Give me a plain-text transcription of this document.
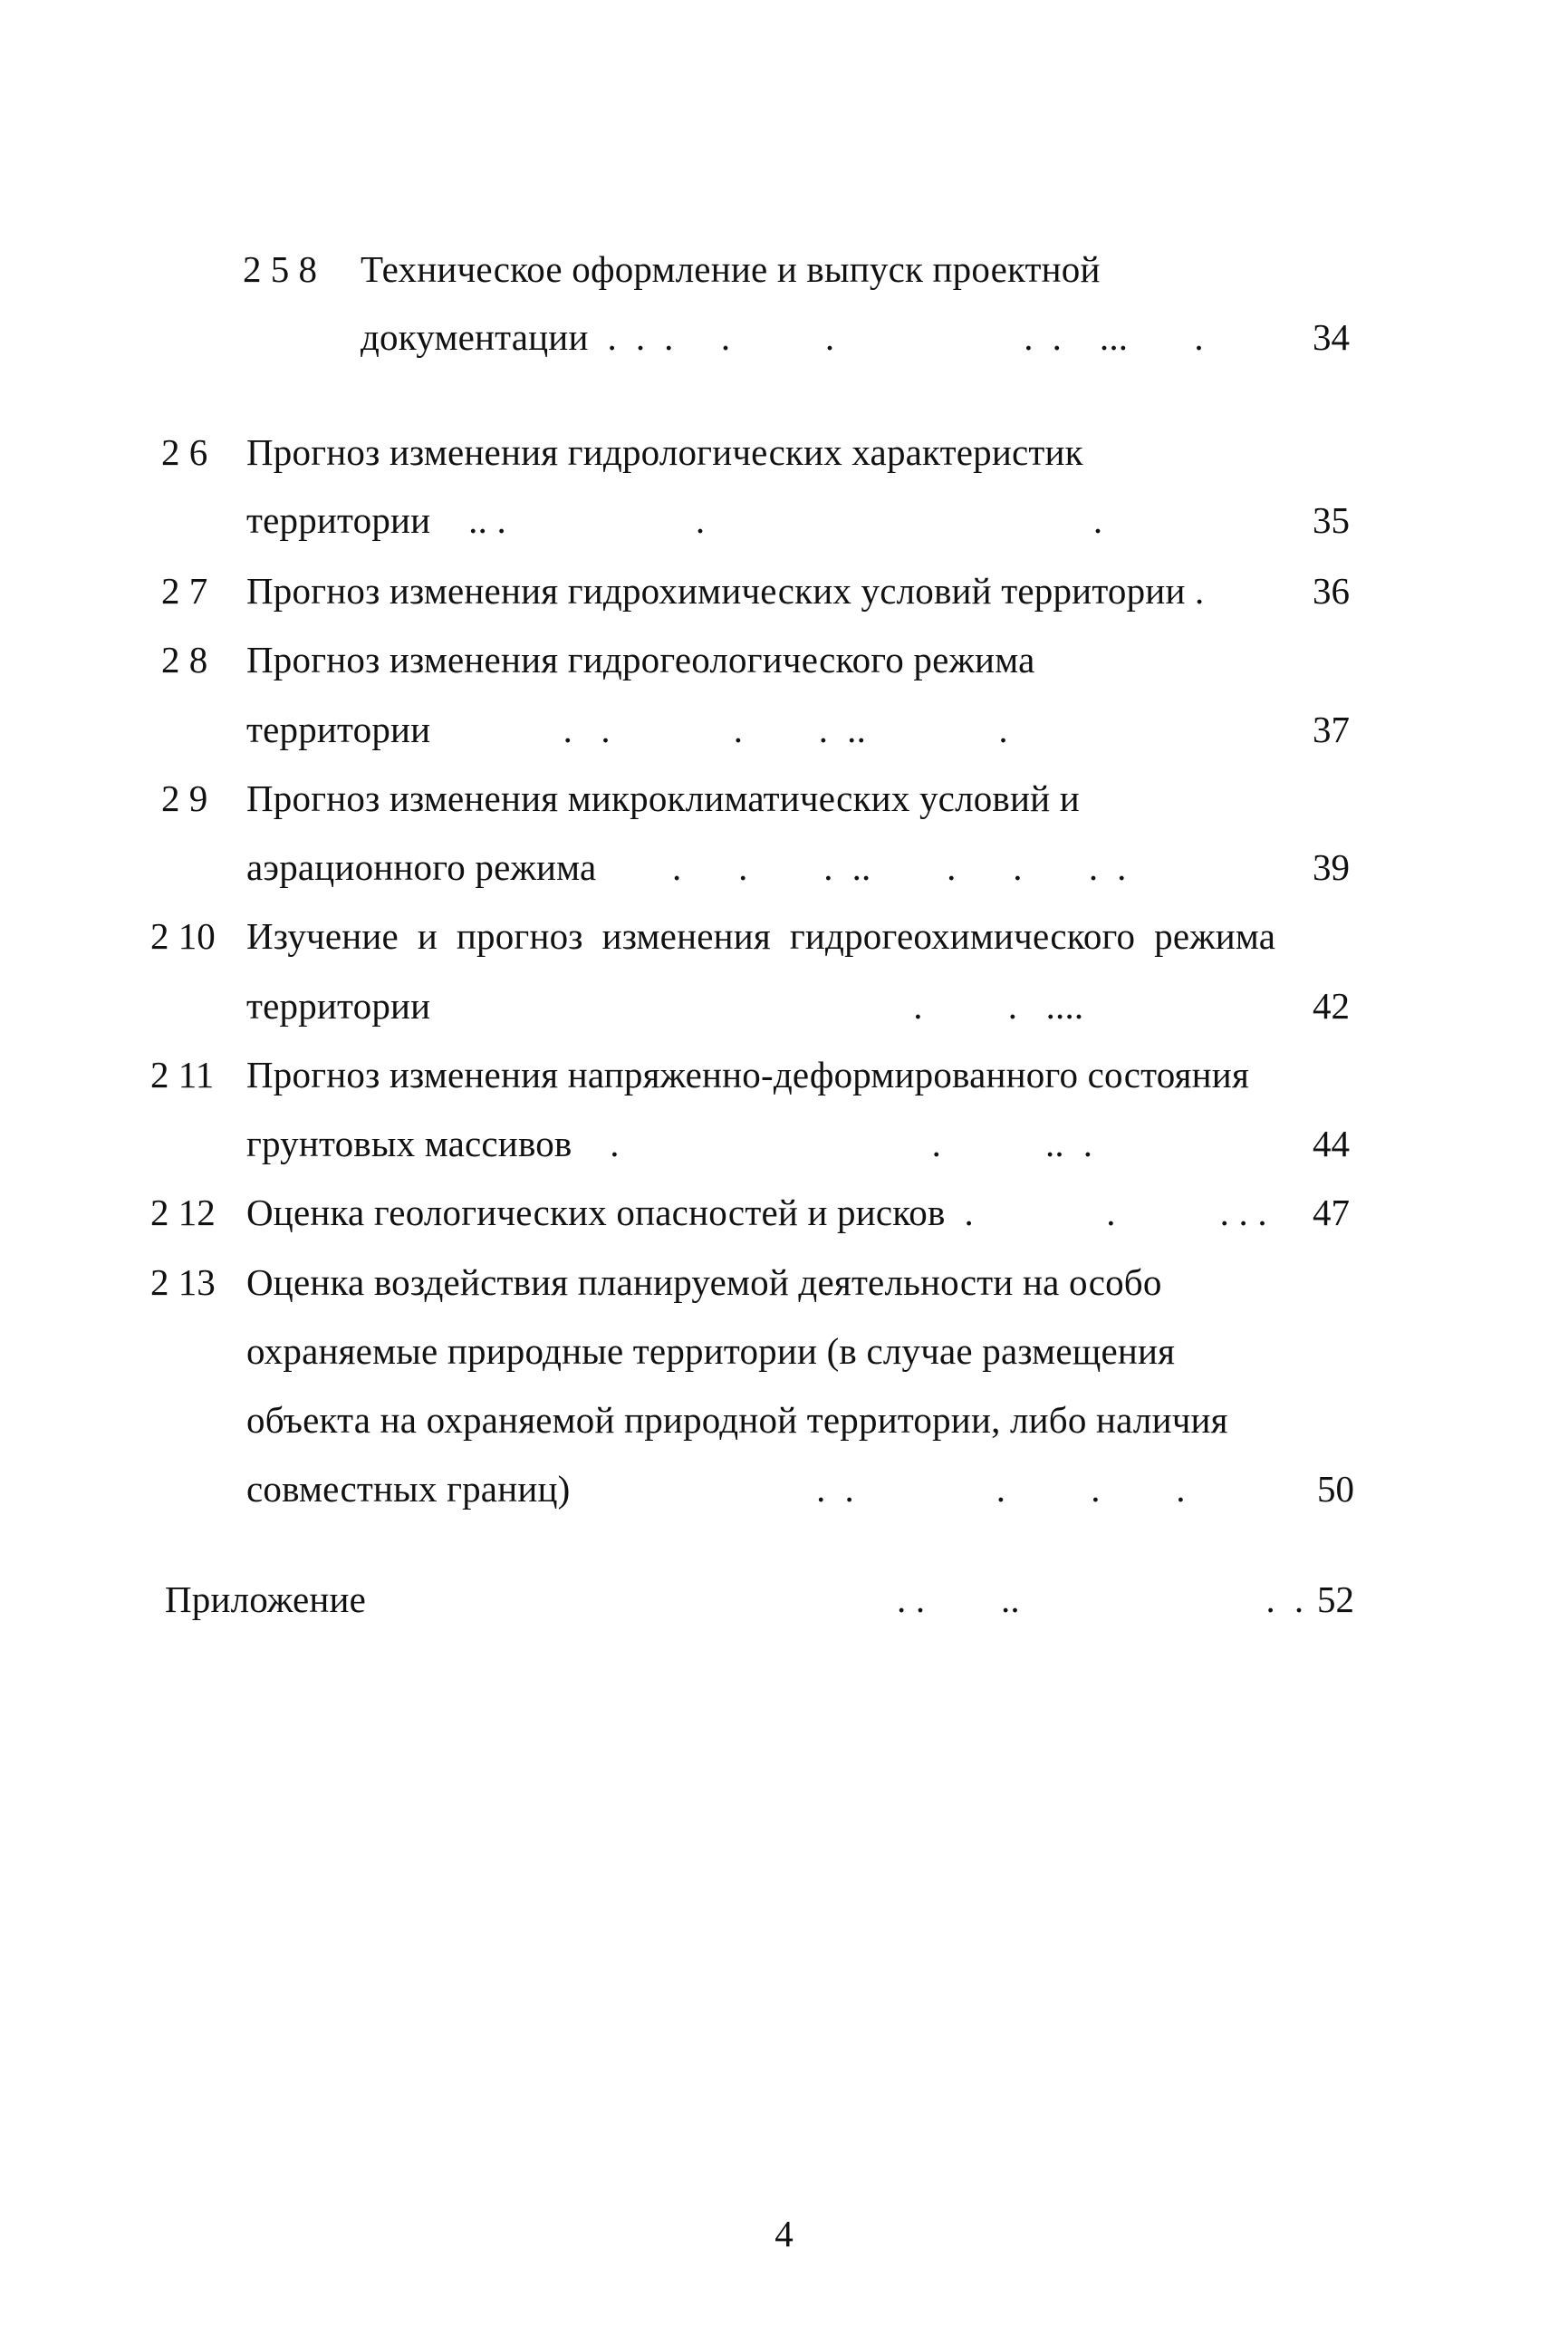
2 5 8 Техническое оформление и выпуск проектной
документации  .  .  .     .          .                    .  .    ...       .	34
2 6 Прогноз изменения гидрологических характеристик
территории    .. .                    .                                         .	35
2 7 Прогноз изменения гидрохимических условий территории .	36
2 8 Прогноз изменения гидрогеологического режима
территории              .   .             .        .  ..              .	37
2 9 Прогноз изменения микроклиматических условий и
аэрационного режима        .      .        .  ..        .      .       .  .	39
2 10 Изучение  и  прогноз  изменения  гидрогеохимического  режима
территории                                                   .         .   ....	42
2 11 Прогноз изменения напряженно-деформированного состояния
грунтовых массивов    .                                 .           ..  .	44
2 12 Оценка геологических опасностей и рисков  .              .           . . .	47
2 13 Оценка воздействия планируемой деятельности на особо
охраняемые природные территории (в случае размещения
объекта на охраняемой природной территории, либо наличия
совместных границ)                          .  .               .         .        .	50
Приложение	. .        ..                          .  . 52
4
